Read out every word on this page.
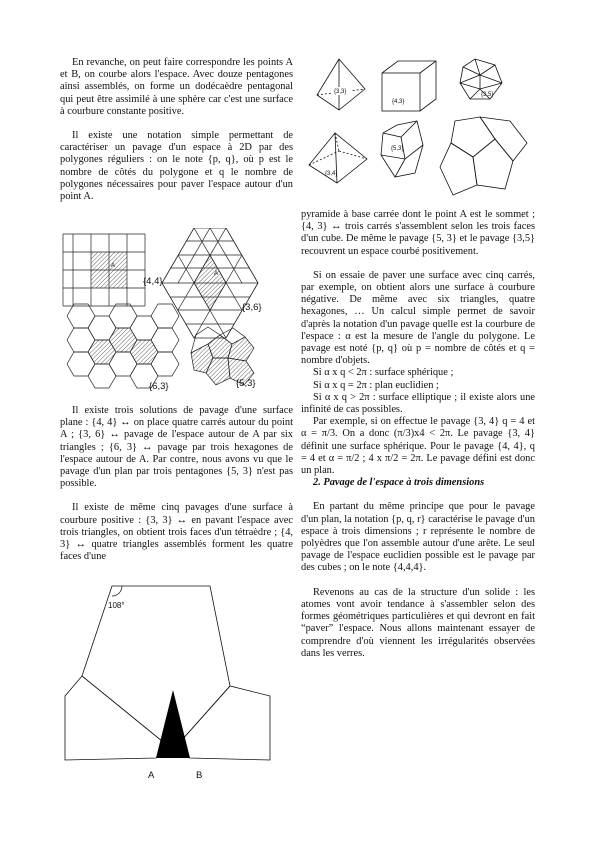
En revanche, on peut faire correspondre les points A et B, on courbe alors l'espace. Avec douze pentagones ainsi assemblés, on forme un dodécaèdre pentagonal qui peut être assimilé à une sphère car c'est une surface à courbure constante positive.

Il existe une notation simple permettant de caractériser un pavage d'un espace à 2D par des polygones réguliers : on le note {p, q}, où p est le nombre de côtés du polygone et q le nombre de polygones nécessaires pour paver l'espace autour d'un point A.

A
{4,4}
A
{3,6}
{6,3}	{5,3}

Il existe trois solutions de pavage d'une surface plane : {4, 4} ↔ on place quatre carrés autour du point A ; {3, 6} ↔ pavage de l'espace autour de A par six triangles ; {6, 3} ↔ pavage par trois hexagones de l'espace autour de A. Par contre, nous avons vu que le pavage d'un plan par trois pentagones {5, 3} n'est pas possible.

Il existe de même cinq pavages d'une surface à courbure positive : {3, 3} ↔ en pavant l'espace avec trois triangles, on obtient trois faces d'un tétraèdre ; {4, 3} ↔ quatre triangles assemblés forment les quatre faces d'une

108°
A	B
{3,3}
{4,3}
{3,5}
{5,3}
{3,4}

pyramide à base carrée dont le point A est le sommet ; {4, 3} ↔ trois carrés s'assemblent selon les trois faces d'un cube. De même le pavage {5, 3} et le pavage {3,5} recouvrent un espace courbé positivement.

Si on essaie de paver une surface avec cinq carrés, par exemple, on obtient alors une surface à courbure négative. De même avec six triangles, quatre hexagones, … Un calcul simple permet de savoir d'après la notation d'un pavage quelle est la courbure de l'espace : α est la mesure de l'angle du polygone. Le pavage est noté {p, q} où p = nombre de côtés et q = nombre d'objets.

Si α x q < 2π : surface sphérique ;

Si α x q = 2π : plan euclidien ;

Si α x q > 2π : surface elliptique ; il existe alors une infinité de cas possibles.

Par exemple, si on effectue le pavage {3, 4} q = 4 et α = π/3. On a donc (π/3)x4 < 2π. Le pavage {3, 4} définit une surface sphérique. Pour le pavage {4, 4}, q = 4 et α = π/2 ; 4 x π/2 = 2π. Le pavage défini est donc un plan.

2. Pavage de l'espace à trois dimensions

En partant du même principe que pour le pavage d'un plan, la notation {p, q, r} caractérise le pavage d'un espace à trois dimensions ; r représente le nombre de polyèdres que l'on assemble autour d'une arête. Le seul pavage de l'espace euclidien possible est le pavage par des cubes ; on le note {4,4,4}.

Revenons au cas de la structure d'un solide : les atomes vont avoir tendance à s'assembler selon des formes géométriques particulières et qui devront en fait “paver” l'espace. Nous allons maintenant essayer de comprendre d'où viennent les irrégularités observées dans les verres.
